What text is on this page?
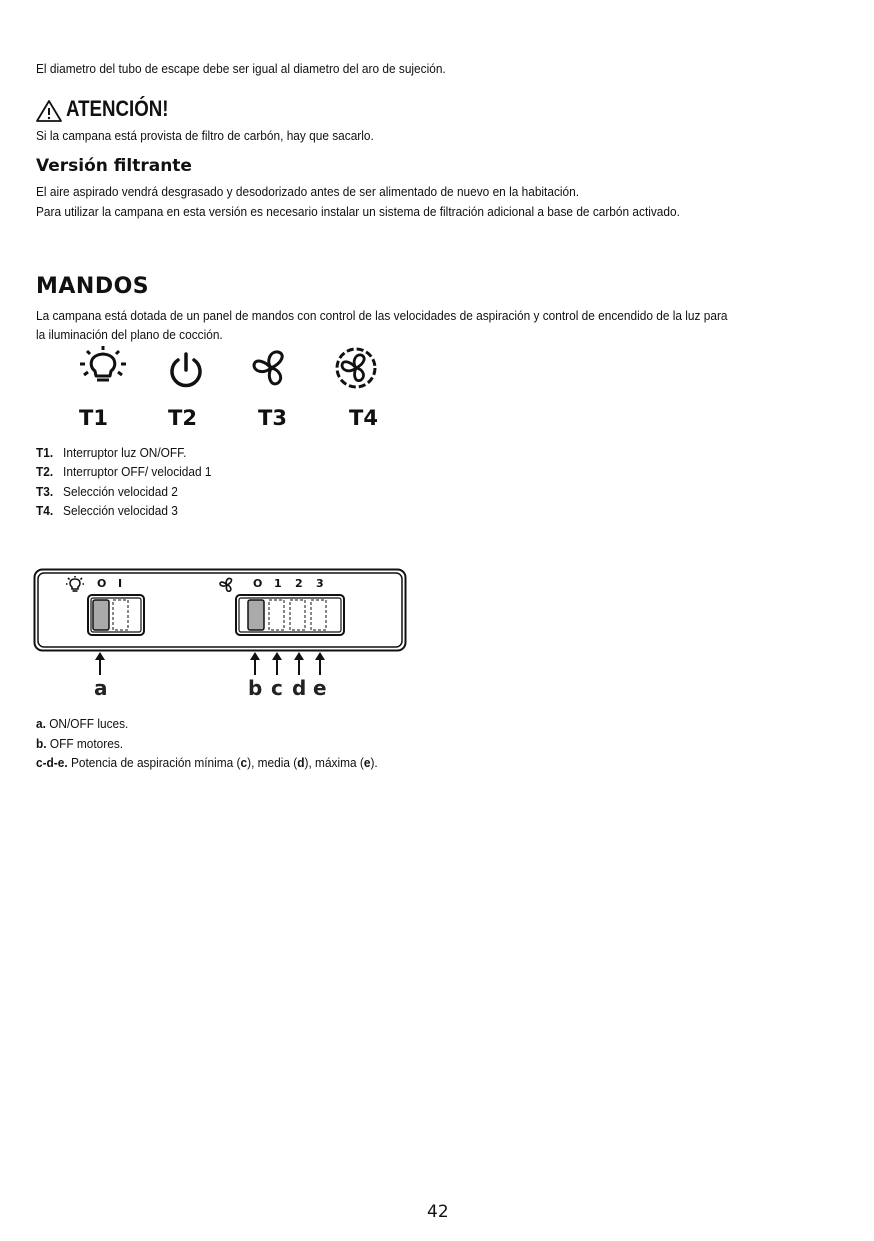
El diametro del tubo de escape debe ser igual al diametro del aro de sujeción.
ATENCIÓN!
Si la campana está provista de filtro de carbón, hay que sacarlo.
Versión filtrante
El aire aspirado vendrá desgrasado y desodorizado antes de ser alimentado de nuevo en la habitación.
Para utilizar la campana en esta versión es necesario instalar un sistema de filtración adicional a base de carbón activado.
MANDOS
La campana está dotada de un panel de mandos con control de las velocidades de aspiración y control de encendido de la luz para
la iluminación del plano de cocción.
T1	T2	T3	T4
T1. Interruptor luz ON/OFF.
T2. Interruptor OFF/ velocidad 1
T3. Selección velocidad 2
T4. Selección velocidad 3
O I	O 1 2 3
a	b c d e
a. ON/OFF luces.
b. OFF motores.
c-d-e. Potencia de aspiración mínima (c), media (d), máxima (e).
42
